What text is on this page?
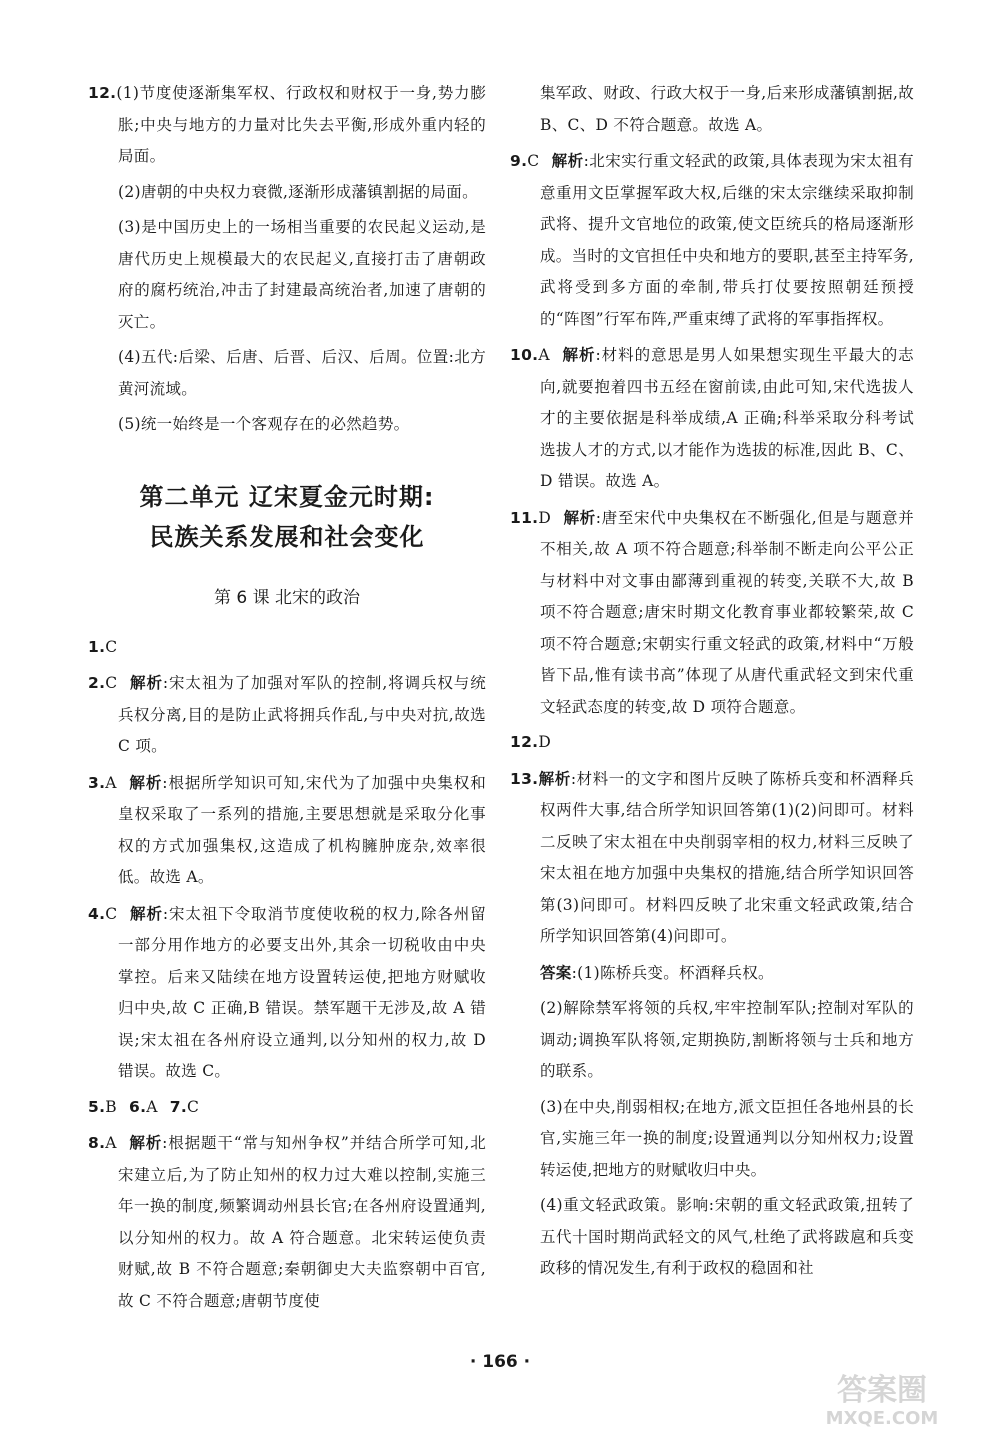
12.(1)节度使逐渐集军权、行政权和财权于一身,势力膨胀;中央与地方的力量对比失去平衡,形成外重内轻的局面。
(2)唐朝的中央权力衰微,逐渐形成藩镇割据的局面。
(3)是中国历史上的一场相当重要的农民起义运动,是唐代历史上规模最大的农民起义,直接打击了唐朝政府的腐朽统治,冲击了封建最高统治者,加速了唐朝的灭亡。
(4)五代:后梁、后唐、后晋、后汉、后周。位置:北方黄河流域。
(5)统一始终是一个客观存在的必然趋势。
第二单元 辽宋夏金元时期:
民族关系发展和社会变化
第 6 课 北宋的政治
1.C
2.C 解析:宋太祖为了加强对军队的控制,将调兵权与统兵权分离,目的是防止武将拥兵作乱,与中央对抗,故选 C 项。
3.A 解析:根据所学知识可知,宋代为了加强中央集权和皇权采取了一系列的措施,主要思想就是采取分化事权的方式加强集权,这造成了机构臃肿庞杂,效率很低。故选 A。
4.C 解析:宋太祖下令取消节度使收税的权力,除各州留一部分用作地方的必要支出外,其余一切税收由中央掌控。后来又陆续在地方设置转运使,把地方财赋收归中央,故 C 正确,B 错误。禁军题干无涉及,故 A 错误;宋太祖在各州府设立通判,以分知州的权力,故 D 错误。故选 C。
5.B 6.A 7.C
8.A 解析:根据题干“常与知州争权”并结合所学可知,北宋建立后,为了防止知州的权力过大难以控制,实施三年一换的制度,频繁调动州县长官;在各州府设置通判,以分知州的权力。故 A 符合题意。北宋转运使负责财赋,故 B 不符合题意;秦朝御史大夫监察朝中百官,故 C 不符合题意;唐朝节度使
集军政、财政、行政大权于一身,后来形成藩镇割据,故 B、C、D 不符合题意。故选 A。
9.C 解析:北宋实行重文轻武的政策,具体表现为宋太祖有意重用文臣掌握军政大权,后继的宋太宗继续采取抑制武将、提升文官地位的政策,使文臣统兵的格局逐渐形成。当时的文官担任中央和地方的要职,甚至主持军务,武将受到多方面的牵制,带兵打仗要按照朝廷预授的“阵图”行军布阵,严重束缚了武将的军事指挥权。
10.A 解析:材料的意思是男人如果想实现生平最大的志向,就要抱着四书五经在窗前读,由此可知,宋代选拔人才的主要依据是科举成绩,A 正确;科举采取分科考试选拔人才的方式,以才能作为选拔的标准,因此 B、C、D 错误。故选 A。
11.D 解析:唐至宋代中央集权在不断强化,但是与题意并不相关,故 A 项不符合题意;科举制不断走向公平公正与材料中对文事由鄙薄到重视的转变,关联不大,故 B 项不符合题意;唐宋时期文化教育事业都较繁荣,故 C 项不符合题意;宋朝实行重文轻武的政策,材料中“万般皆下品,惟有读书高”体现了从唐代重武轻文到宋代重文轻武态度的转变,故 D 项符合题意。
12.D
13.解析:材料一的文字和图片反映了陈桥兵变和杯酒释兵权两件大事,结合所学知识回答第(1)(2)问即可。材料二反映了宋太祖在中央削弱宰相的权力,材料三反映了宋太祖在地方加强中央集权的措施,结合所学知识回答第(3)问即可。材料四反映了北宋重文轻武政策,结合所学知识回答第(4)问即可。
答案:(1)陈桥兵变。杯酒释兵权。
(2)解除禁军将领的兵权,牢牢控制军队;控制对军队的调动;调换军队将领,定期换防,割断将领与士兵和地方的联系。
(3)在中央,削弱相权;在地方,派文臣担任各地州县的长官,实施三年一换的制度;设置通判以分知州权力;设置转运使,把地方的财赋收归中央。
(4)重文轻武政策。影响:宋朝的重文轻武政策,扭转了五代十国时期尚武轻文的风气,杜绝了武将跋扈和兵变政移的情况发生,有利于政权的稳固和社
· 166 ·
答案圈
MXQE.COM
